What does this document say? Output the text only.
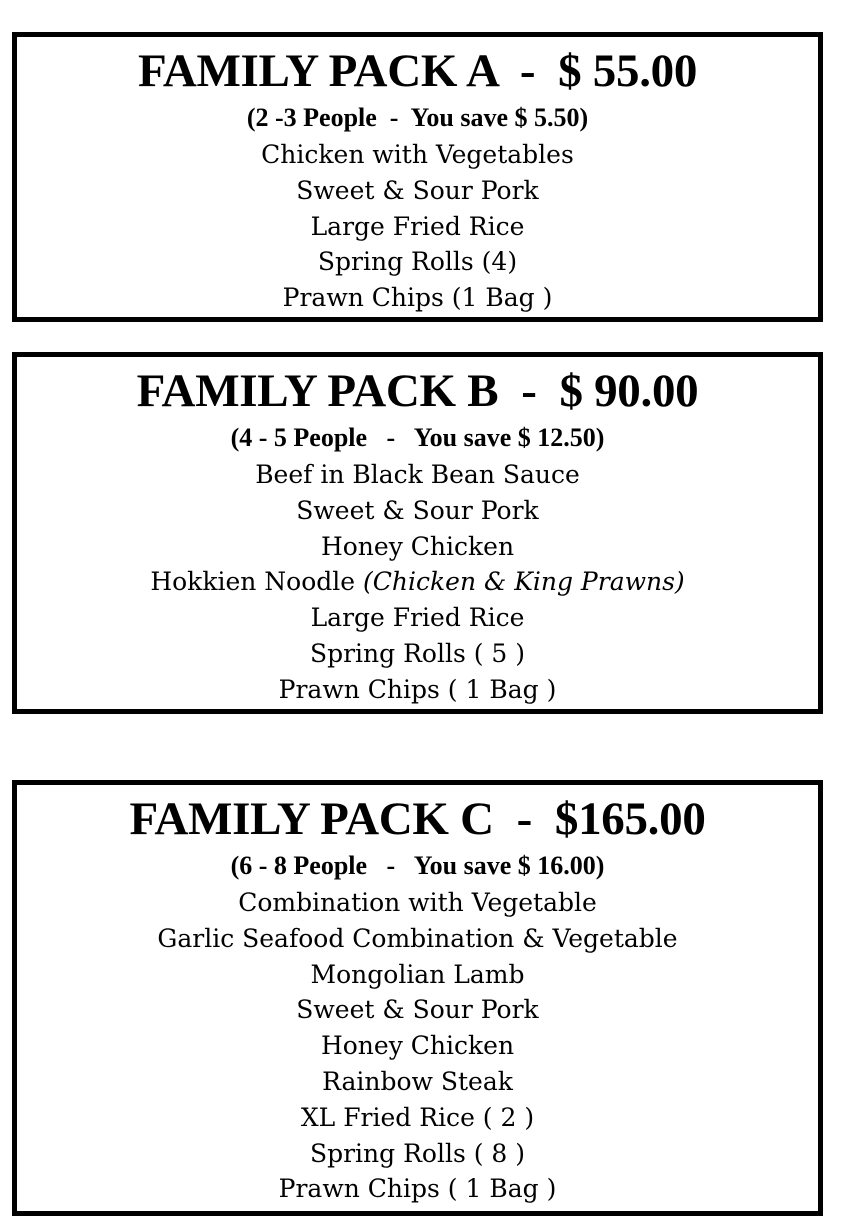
FAMILY PACK A  -  $ 55.00
(2 -3 People  -  You save $ 5.50)
Chicken with Vegetables
Sweet & Sour Pork
Large Fried Rice
Spring Rolls (4)
Prawn Chips (1 Bag )
FAMILY PACK B  -  $ 90.00
(4 - 5 People   -   You save $ 12.50)
Beef in Black Bean Sauce
Sweet & Sour Pork
Honey Chicken
Hokkien Noodle (Chicken & King Prawns)
Large Fried Rice
Spring Rolls ( 5 )
Prawn Chips ( 1 Bag )
FAMILY PACK C  -  $165.00
(6 - 8 People   -   You save $ 16.00)
Combination with Vegetable
Garlic Seafood Combination & Vegetable
Mongolian Lamb
Sweet & Sour Pork
Honey Chicken
Rainbow Steak
XL Fried Rice ( 2 )
Spring Rolls ( 8 )
Prawn Chips ( 1 Bag )
